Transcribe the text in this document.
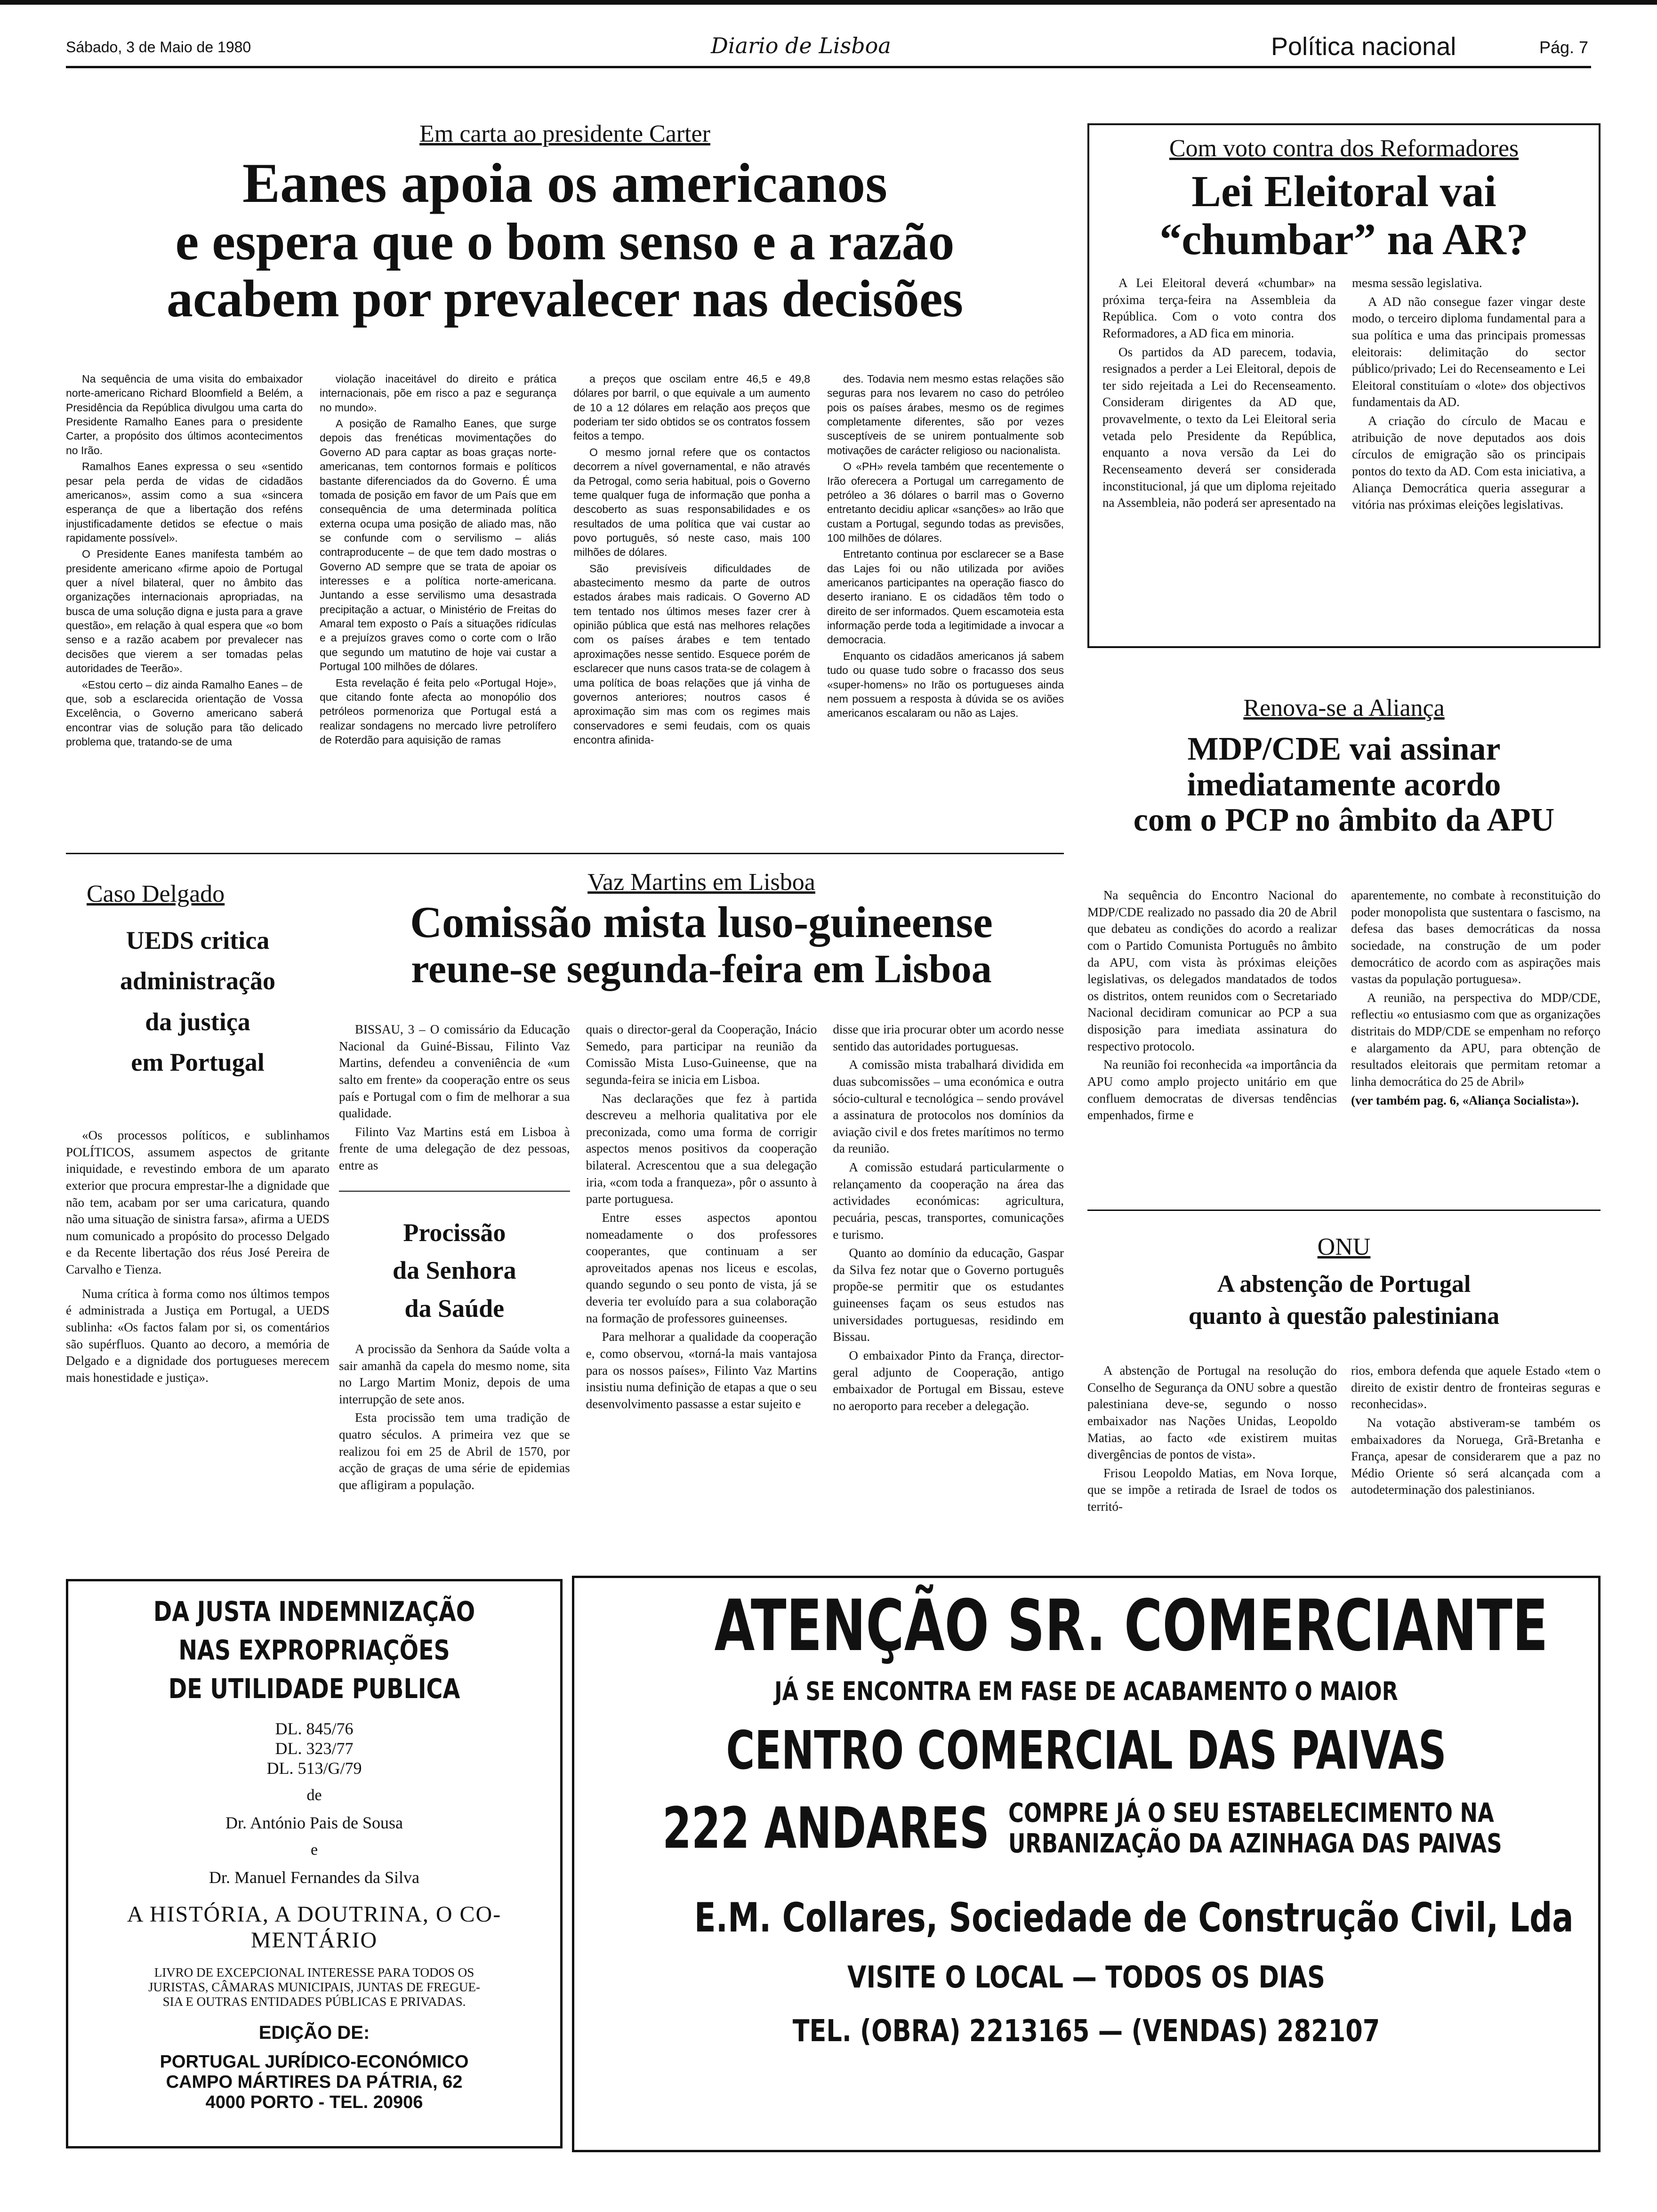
Sábado, 3 de Maio de 1980	Diario de Lisboa	Política nacional	Pág. 7
Em carta ao presidente Carter
Eanes apoia os americanos
e espera que o bom senso e a razão
acabem por prevalecer nas decisões

Na sequência de uma visita do embaixador norte-americano Richard Bloomfield a Belém, a Presidência da República divulgou uma carta do Presidente Ramalho Eanes para o presidente Carter, a propósito dos últimos acontecimentos no Irão.

Ramalhos Eanes expressa o seu «sentido pesar pela perda de vidas de cidadãos americanos», assim como a sua «sincera esperança de que a libertação dos reféns injustificadamente detidos se efectue o mais rapidamente possível».

O Presidente Eanes manifesta também ao presidente americano «firme apoio de Portugal quer a nível bilateral, quer no âmbito das organizações internacionais apropriadas, na busca de uma solução digna e justa para a grave questão», em relação à qual espera que «o bom senso e a razão acabem por prevalecer nas decisões que vierem a ser tomadas pelas autoridades de Teerão».

«Estou certo – diz ainda Ramalho Eanes – de que, sob a esclarecida orientação de Vossa Excelência, o Governo americano saberá encontrar vias de solução para tão delicado problema que, tratando-se de uma

violação inaceitável do direito e prática internacionais, põe em risco a paz e segurança no mundo».

A posição de Ramalho Eanes, que surge depois das frenéticas movimentações do Governo AD para captar as boas graças norte-americanas, tem contornos formais e políticos bastante diferenciados da do Governo. É uma tomada de posição em favor de um País que em consequência de uma determinada política externa ocupa uma posição de aliado mas, não se confunde com o servilismo – aliás contraproducente – de que tem dado mostras o Governo AD sempre que se trata de apoiar os interesses e a política norte-americana. Juntando a esse servilismo uma desastrada precipitação a actuar, o Ministério de Freitas do Amaral tem exposto o País a situações ridículas e a prejuízos graves como o corte com o Irão que segundo um matutino de hoje vai custar a Portugal 100 milhões de dólares.

Esta revelação é feita pelo «Portugal Hoje», que citando fonte afecta ao monopólio dos petróleos pormenoriza que Portugal está a realizar sondagens no mercado livre petrolífero de Roterdão para aquisição de ramas

a preços que oscilam entre 46,5 e 49,8 dólares por barril, o que equivale a um aumento de 10 a 12 dólares em relação aos preços que poderiam ter sido obtidos se os contratos fossem feitos a tempo.

O mesmo jornal refere que os contactos decorrem a nível governamental, e não através da Petrogal, como seria habitual, pois o Governo teme qualquer fuga de informação que ponha a descoberto as suas responsabilidades e os resultados de uma política que vai custar ao povo português, só neste caso, mais 100 milhões de dólares.

São previsíveis dificuldades de abastecimento mesmo da parte de outros estados árabes mais radicais. O Governo AD tem tentado nos últimos meses fazer crer à opinião pública que está nas melhores relações com os países árabes e tem tentado aproximações nesse sentido. Esquece porém de esclarecer que nuns casos trata-se de colagem à uma política de boas relações que já vinha de governos anteriores; noutros casos é aproximação sim mas com os regimes mais conservadores e semi feudais, com os quais encontra afinida-

des. Todavia nem mesmo estas relações são seguras para nos levarem no caso do petróleo pois os países árabes, mesmo os de regimes completamente diferentes, são por vezes susceptíveis de se unirem pontualmente sob motivações de carácter religioso ou nacionalista.

O «PH» revela também que recentemente o Irão oferecera a Portugal um carregamento de petróleo a 36 dólares o barril mas o Governo entretanto decidiu aplicar «sanções» ao Irão que custam a Portugal, segundo todas as previsões, 100 milhões de dólares.

Entretanto continua por esclarecer se a Base das Lajes foi ou não utilizada por aviões americanos participantes na operação fiasco do deserto iraniano. E os cidadãos têm todo o direito de ser informados. Quem escamoteia esta informação perde toda a legitimidade a invocar a democracia.

Enquanto os cidadãos americanos já sabem tudo ou quase tudo sobre o fracasso dos seus «super-homens» no Irão os portugueses ainda nem possuem a resposta à dúvida se os aviões americanos escalaram ou não as Lajes.

Com voto contra dos Reformadores
Lei Eleitoral vai
“chumbar” na AR?

A Lei Eleitoral deverá «chumbar» na próxima terça-feira na Assembleia da República. Com o voto contra dos Reformadores, a AD fica em minoria.

Os partidos da AD parecem, todavia, resignados a perder a Lei Eleitoral, depois de ter sido rejeitada a Lei do Recenseamento. Consideram dirigentes da AD que, provavelmente, o texto da Lei Eleitoral seria vetada pelo Presidente da República, enquanto a nova versão da Lei do Recenseamento deverá ser considerada inconstitucional, já que um diploma rejeitado na Assembleia, não poderá ser apresentado na

mesma sessão legislativa.

A AD não consegue fazer vingar deste modo, o terceiro diploma fundamental para a sua política e uma das principais promessas eleitorais: delimitação do sector público/privado; Lei do Recenseamento e Lei Eleitoral constituíam o «lote» dos objectivos fundamentais da AD.

A criação do círculo de Macau e atribuição de nove deputados aos dois círculos de emigração são os principais pontos do texto da AD. Com esta iniciativa, a Aliança Democrática queria assegurar a vitória nas próximas eleições legislativas.

Renova-se a Aliança
MDP/CDE vai assinar
imediatamente acordo
com o PCP no âmbito da APU

Na sequência do Encontro Nacional do MDP/CDE realizado no passado dia 20 de Abril que debateu as condições do acordo a realizar com o Partido Comunista Português no âmbito da APU, com vista às próximas eleições legislativas, os delegados mandatados de todos os distritos, ontem reunidos com o Secretariado Nacional decidiram comunicar ao PCP a sua disposição para imediata assinatura do respectivo protocolo.

Na reunião foi reconhecida «a importância da APU como amplo projecto unitário em que confluem democratas de diversas tendências empenhados, firme e

aparentemente, no combate à reconstituição do poder monopolista que sustentara o fascismo, na defesa das bases democráticas da nossa sociedade, na construção de um poder democrático de acordo com as aspirações mais vastas da população portuguesa».

A reunião, na perspectiva do MDP/CDE, reflectiu «o entusiasmo com que as organizações distritais do MDP/CDE se empenham no reforço e alargamento da APU, para obtenção de resultados eleitorais que permitam retomar a linha democrática do 25 de Abril»

(ver também pag. 6, «Aliança Socialista»).

ONU
A abstenção de Portugal
quanto à questão palestiniana

A abstenção de Portugal na resolução do Conselho de Segurança da ONU sobre a questão palestiniana deve-se, segundo o nosso embaixador nas Nações Unidas, Leopoldo Matias, ao facto «de existirem muitas divergências de pontos de vista».

Frisou Leopoldo Matias, em Nova Iorque, que se impõe a retirada de Israel de todos os territó-

rios, embora defenda que aquele Estado «tem o direito de existir dentro de fronteiras seguras e reconhecidas».

Na votação abstiveram-se também os embaixadores da Noruega, Grã-Bretanha e França, apesar de considerarem que a paz no Médio Oriente só será alcançada com a autodeterminação dos palestinianos.

Caso Delgado
UEDS critica
administração
da justiça
em Portugal

«Os processos políticos, e sublinhamos POLÍTICOS, assumem aspectos de gritante iniquidade, e revestindo embora de um aparato exterior que procura emprestar-lhe a dignidade que não tem, acabam por ser uma caricatura, quando não uma situação de sinistra farsa», afirma a UEDS num comunicado a propósito do processo Delgado e da Recente libertação dos réus José Pereira de Carvalho e Tienza.

Numa crítica à forma como nos últimos tempos é administrada a Justiça em Portugal, a UEDS sublinha: «Os factos falam por si, os comentários são supérfluos. Quanto ao decoro, a memória de Delgado e a dignidade dos portugueses merecem mais honestidade e justiça».

Vaz Martins em Lisboa
Comissão mista luso-guineense
reune-se segunda-feira em Lisboa

BISSAU, 3 – O comissário da Educação Nacional da Guiné-Bissau, Filinto Vaz Martins, defendeu a conveniência de «um salto em frente» da cooperação entre os seus país e Portugal com o fim de melhorar a sua qualidade.

Filinto Vaz Martins está em Lisboa à frente de uma delegação de dez pessoas, entre as

Procissão
da Senhora
da Saúde

A procissão da Senhora da Saúde volta a sair amanhã da capela do mesmo nome, sita no Largo Martim Moniz, depois de uma interrupção de sete anos.

Esta procissão tem uma tradição de quatro séculos. A primeira vez que se realizou foi em 25 de Abril de 1570, por acção de graças de uma série de epidemias que afligiram a população.

quais o director-geral da Cooperação, Inácio Semedo, para participar na reunião da Comissão Mista Luso-Guineense, que na segunda-feira se inicia em Lisboa.

Nas declarações que fez à partida descreveu a melhoria qualitativa por ele preconizada, como uma forma de corrigir aspectos menos positivos da cooperação bilateral. Acrescentou que a sua delegação iria, «com toda a franqueza», pôr o assunto à parte portuguesa.

Entre esses aspectos apontou nomeadamente o dos professores cooperantes, que continuam a ser aproveitados apenas nos liceus e escolas, quando segundo o seu ponto de vista, já se deveria ter evoluído para a sua colaboração na formação de professores guineenses.

Para melhorar a qualidade da cooperação e, como observou, «torná-la mais vantajosa para os nossos países», Filinto Vaz Martins insistiu numa definição de etapas a que o seu desenvolvimento passasse a estar sujeito e

disse que iria procurar obter um acordo nesse sentido das autoridades portuguesas.

A comissão mista trabalhará dividida em duas subcomissões – uma económica e outra sócio-cultural e tecnológica – sendo provável a assinatura de protocolos nos domínios da aviação civil e dos fretes marítimos no termo da reunião.

A comissão estudará particularmente o relançamento da cooperação na área das actividades económicas: agricultura, pecuária, pescas, transportes, comunicações e turismo.

Quanto ao domínio da educação, Gaspar da Silva fez notar que o Governo português propõe-se permitir que os estudantes guineenses façam os seus estudos nas universidades portuguesas, residindo em Bissau.

O embaixador Pinto da França, director-geral adjunto de Cooperação, antigo embaixador de Portugal em Bissau, esteve no aeroporto para receber a delegação.

DA JUSTA INDEMNIZAÇÃO
NAS EXPROPRIAÇÕES
DE UTILIDADE PUBLICA
DL. 845/76
DL. 323/77
DL. 513/G/79
de
Dr. António Pais de Sousa
e
Dr. Manuel Fernandes da Silva
A HISTÓRIA, A DOUTRINA, O CO-
MENTÁRIO
LIVRO DE EXCEPCIONAL INTERESSE PARA TODOS OS
JURISTAS, CÂMARAS MUNICIPAIS, JUNTAS DE FREGUE-
SIA E OUTRAS ENTIDADES PÚBLICAS E PRIVADAS.
EDIÇÃO DE:
PORTUGAL JURÍDICO-ECONÓMICO
CAMPO MÁRTIRES DA PÁTRIA, 62
4000 PORTO - TEL. 20906
ATENÇÃO SR. COMERCIANTE
JÁ SE ENCONTRA EM FASE DE ACABAMENTO O MAIOR
CENTRO COMERCIAL DAS PAIVAS
222 ANDARES COMPRE JÁ O SEU ESTABELECIMENTO NA
URBANIZAÇÃO DA AZINHAGA DAS PAIVAS
E.M. Collares, Sociedade de Construção Civil, Lda
VISITE O LOCAL — TODOS OS DIAS
TEL. (OBRA) 2213165 — (VENDAS) 282107
